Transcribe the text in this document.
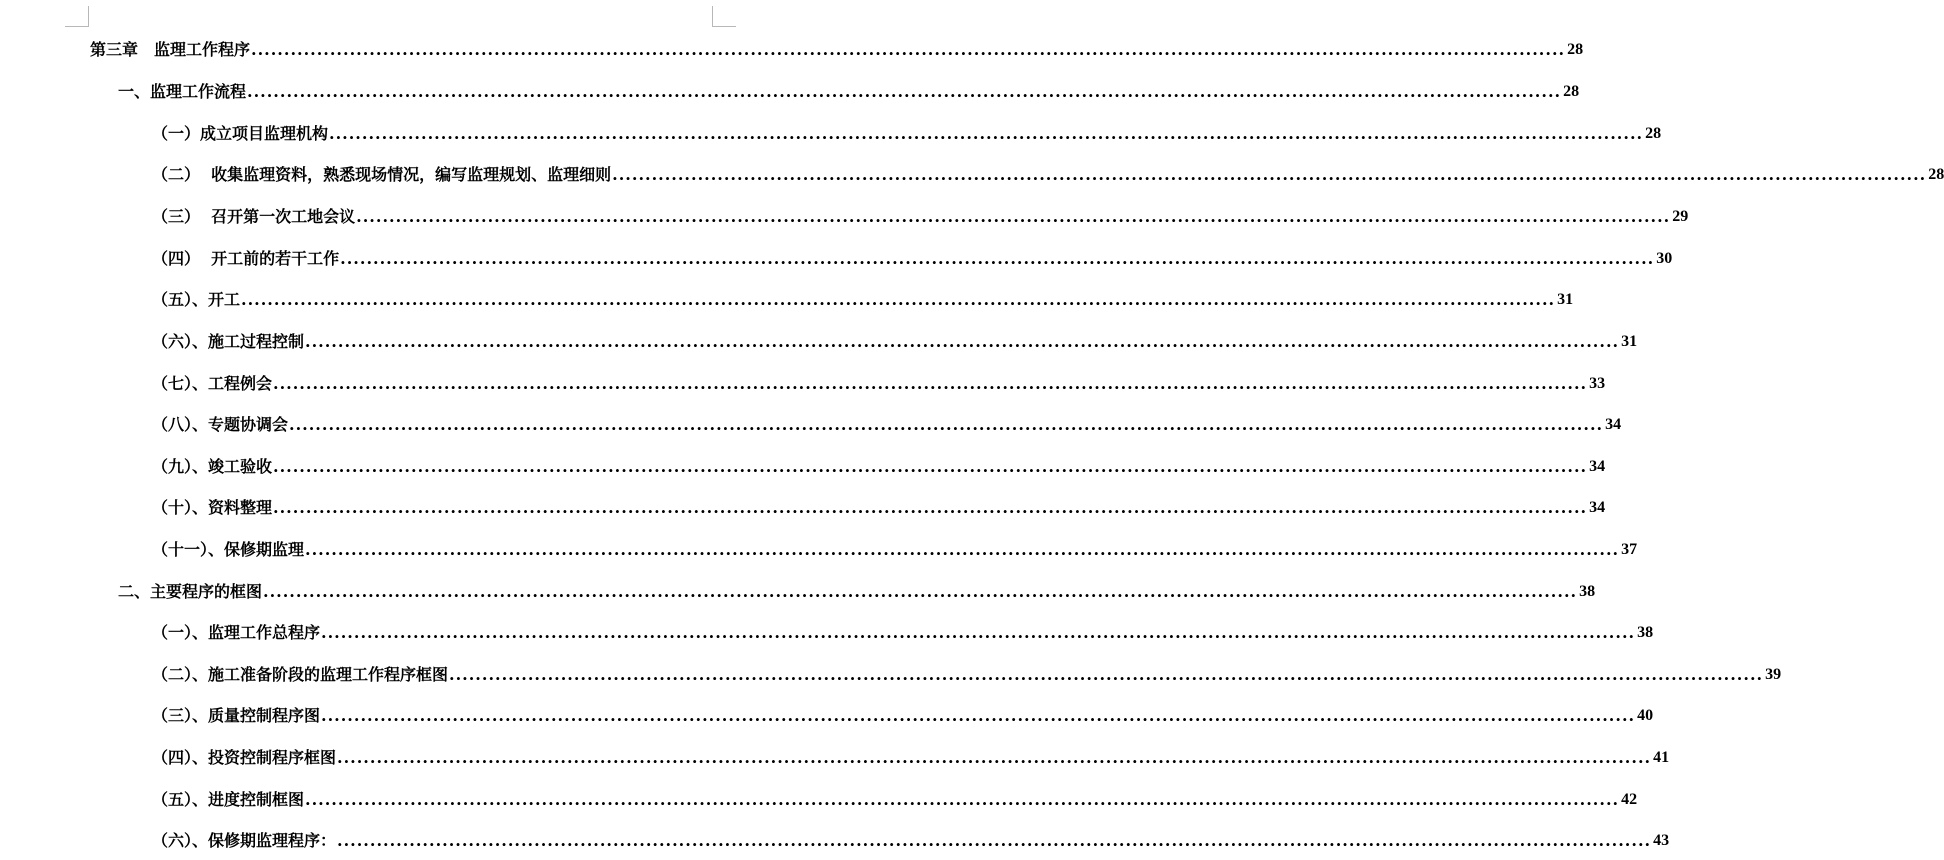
第三章　监理工作程序 ........................................................................................................................................................................................................ 28
一、监理工作流程 ........................................................................................................................................................................................................ 28
（一）成立项目监理机构 ........................................................................................................................................................................................................ 28
（二）  收集监理资料，熟悉现场情况，编写监理规划、监理细则 ........................................................................................................................................................................................................ 28
（三）  召开第一次工地会议 ........................................................................................................................................................................................................ 29
（四）  开工前的若干工作 ........................................................................................................................................................................................................ 30
（五）、开工 ........................................................................................................................................................................................................ 31
（六）、施工过程控制 ........................................................................................................................................................................................................ 31
（七）、工程例会 ........................................................................................................................................................................................................ 33
（八）、专题协调会 ........................................................................................................................................................................................................ 34
（九）、竣工验收 ........................................................................................................................................................................................................ 34
（十）、资料整理 ........................................................................................................................................................................................................ 34
（十一）、保修期监理 ........................................................................................................................................................................................................ 37
二、主要程序的框图 ........................................................................................................................................................................................................ 38
（一）、监理工作总程序 ........................................................................................................................................................................................................ 38
（二）、施工准备阶段的监理工作程序框图 ........................................................................................................................................................................................................ 39
（三）、质量控制程序图 ........................................................................................................................................................................................................ 40
（四）、投资控制程序框图 ........................................................................................................................................................................................................ 41
（五）、进度控制框图 ........................................................................................................................................................................................................ 42
（六）、保修期监理程序： ........................................................................................................................................................................................................ 43
